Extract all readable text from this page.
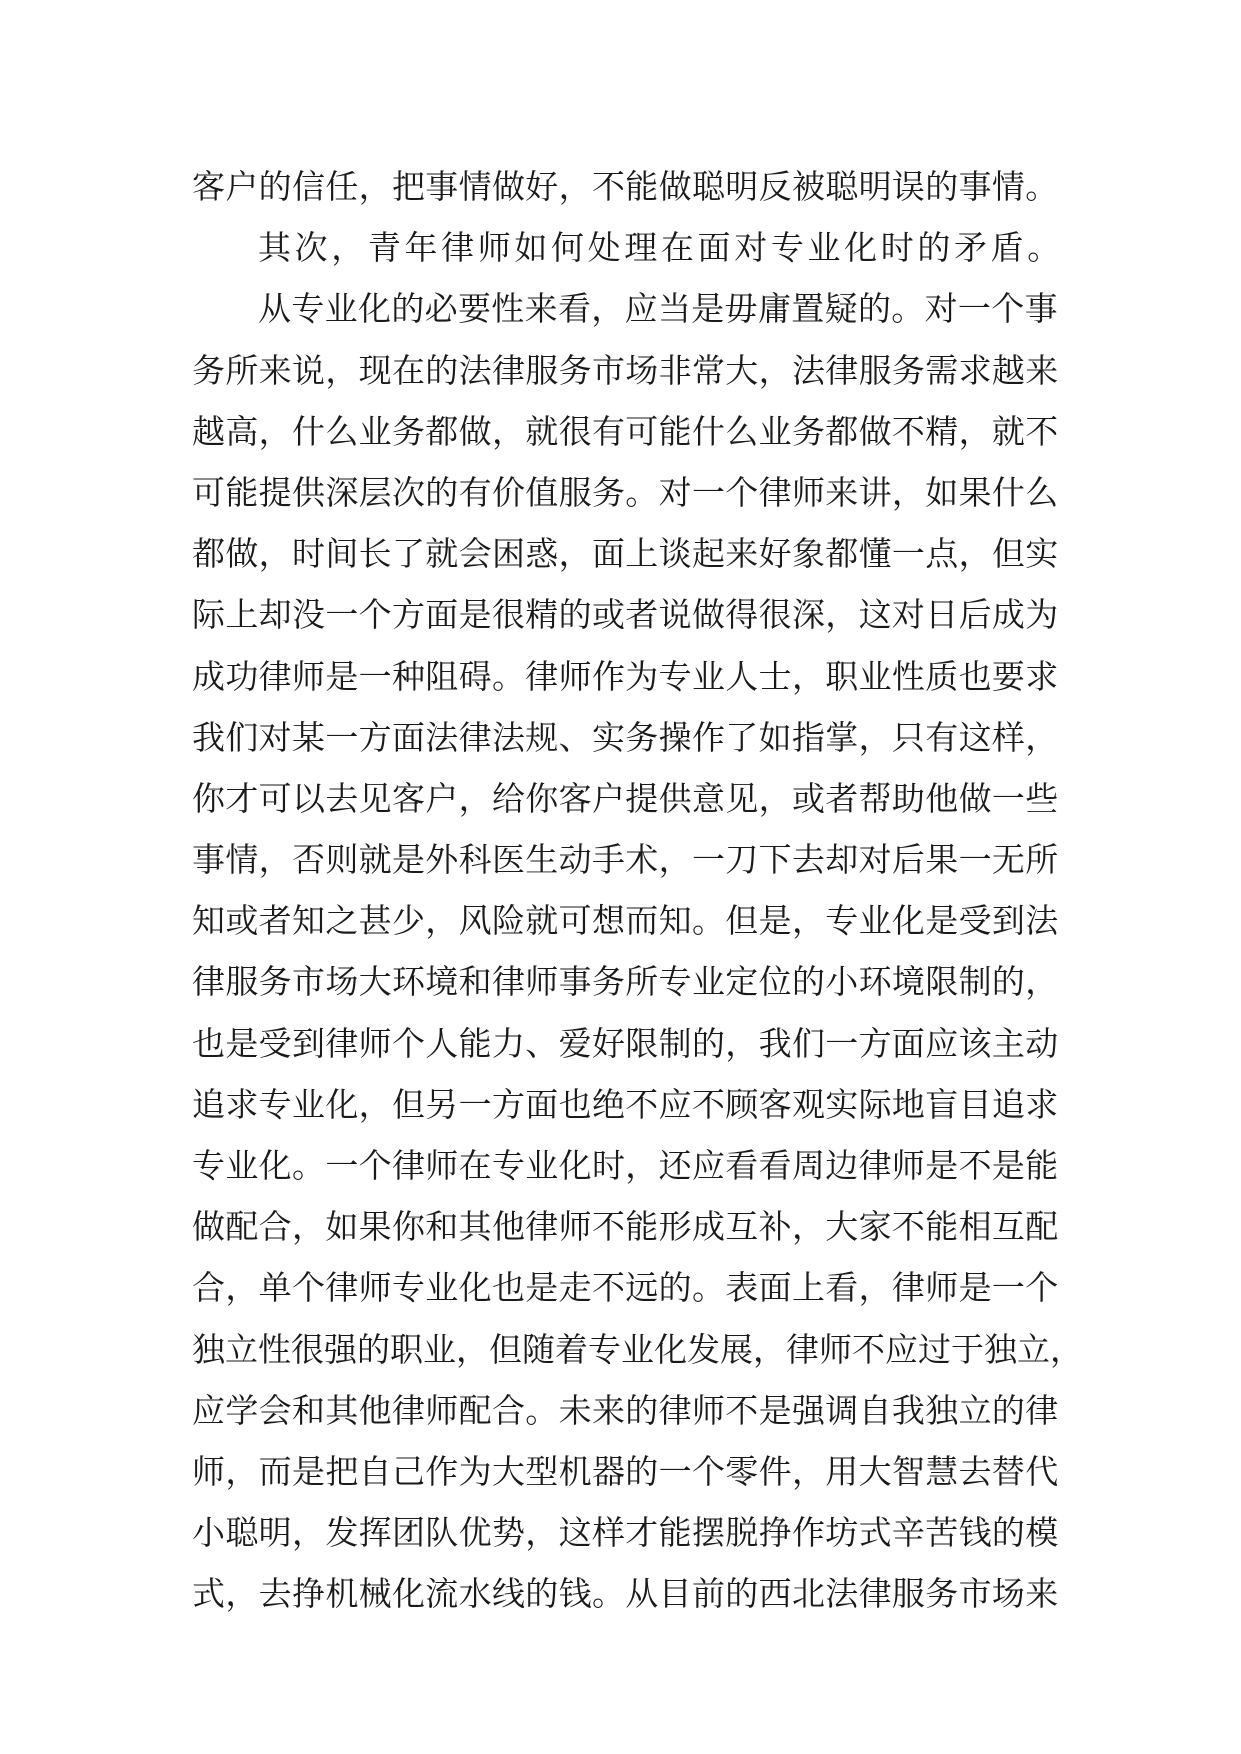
客户的信任，把事情做好，不能做聪明反被聪明误的事情。
其次，青年律师如何处理在面对专业化时的矛盾。
从专业化的必要性来看，应当是毋庸置疑的。对一个事
务所来说，现在的法律服务市场非常大，法律服务需求越来
越高，什么业务都做，就很有可能什么业务都做不精，就不
可能提供深层次的有价值服务。对一个律师来讲，如果什么
都做，时间长了就会困惑，面上谈起来好象都懂一点，但实
际上却没一个方面是很精的或者说做得很深，这对日后成为
成功律师是一种阻碍。律师作为专业人士，职业性质也要求
我们对某一方面法律法规、实务操作了如指掌，只有这样，
你才可以去见客户，给你客户提供意见，或者帮助他做一些
事情，否则就是外科医生动手术，一刀下去却对后果一无所
知或者知之甚少，风险就可想而知。但是，专业化是受到法
律服务市场大环境和律师事务所专业定位的小环境限制的，
也是受到律师个人能力、爱好限制的，我们一方面应该主动
追求专业化，但另一方面也绝不应不顾客观实际地盲目追求
专业化。一个律师在专业化时，还应看看周边律师是不是能
做配合，如果你和其他律师不能形成互补，大家不能相互配
合，单个律师专业化也是走不远的。表面上看，律师是一个
独立性很强的职业，但随着专业化发展，律师不应过于独立，
应学会和其他律师配合。未来的律师不是强调自我独立的律
师，而是把自己作为大型机器的一个零件，用大智慧去替代
小聪明，发挥团队优势，这样才能摆脱挣作坊式辛苦钱的模
式，去挣机械化流水线的钱。从目前的西北法律服务市场来
